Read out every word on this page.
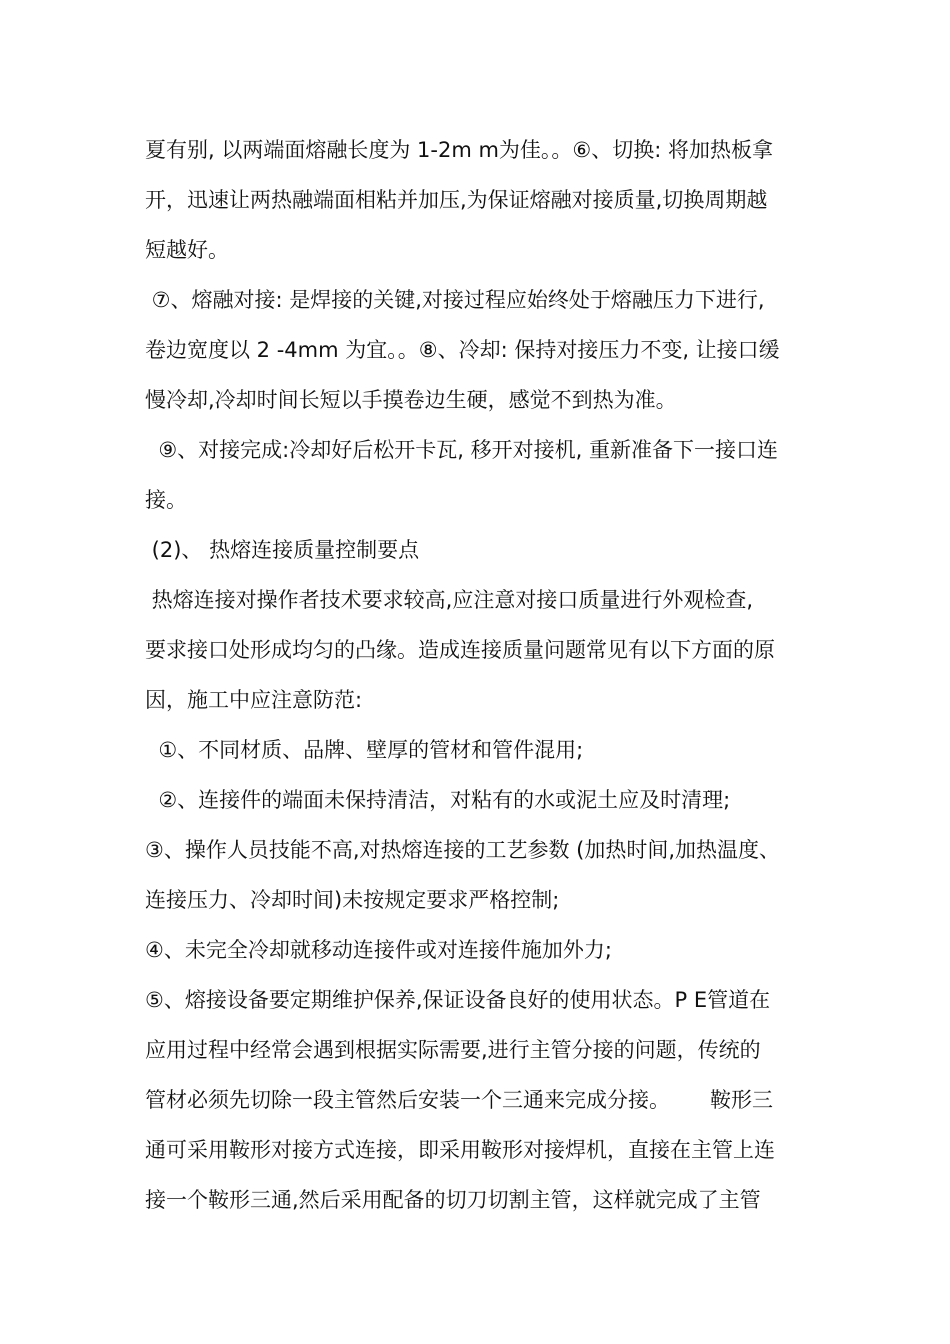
夏有别, 以两端面熔融长度为 1-2m m为佳。。⑥、切换: 将加热板拿
开，迅速让两热融端面相粘并加压,为保证熔融对接质量,切换周期越
短越好。
⑦、熔融对接: 是焊接的关键,对接过程应始终处于熔融压力下进行,
卷边宽度以 2 -4mm 为宜。。⑧、冷却: 保持对接压力不变, 让接口缓
慢冷却,冷却时间长短以手摸卷边生硬，感觉不到热为准。
⑨、对接完成:冷却好后松开卡瓦, 移开对接机, 重新准备下一接口连
接。
(2)、 热熔连接质量控制要点
热熔连接对操作者技术要求较高,应注意对接口质量进行外观检查,
要求接口处形成均匀的凸缘。造成连接质量问题常见有以下方面的原
因，施工中应注意防范:
①、不同材质、品牌、壁厚的管材和管件混用;
②、连接件的端面未保持清洁，对粘有的水或泥土应及时清理;
③、操作人员技能不高,对热熔连接的工艺参数 (加热时间,加热温度、
连接压力、冷却时间)未按规定要求严格控制;
④、未完全冷却就移动连接件或对连接件施加外力;
⑤、熔接设备要定期维护保养,保证设备良好的使用状态。P E管道在
应用过程中经常会遇到根据实际需要,进行主管分接的问题，传统的
管材必须先切除一段主管然后安装一个三通来完成分接。      鞍形三
通可采用鞍形对接方式连接，即采用鞍形对接焊机，直接在主管上连
接一个鞍形三通,然后采用配备的切刀切割主管，这样就完成了主管
